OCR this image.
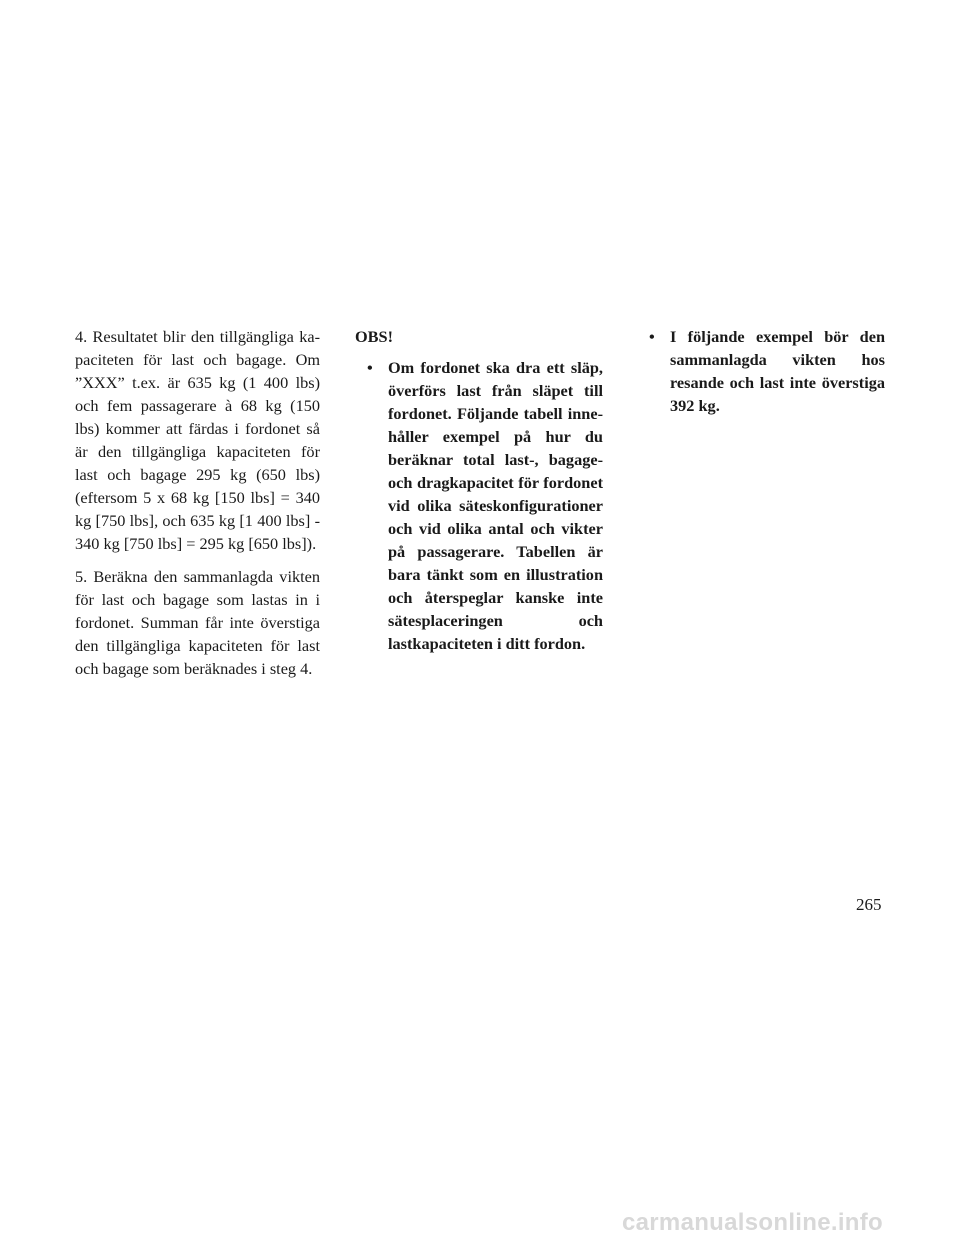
4. Resultatet blir den tillgängliga kapaciteten för last och bagage. Om ”XXX” t.ex. är 635 kg (1 400 lbs) och fem passagerare à 68 kg (150 lbs) kommer att färdas i fordonet så är den tillgängliga kapaciteten för last och bagage 295 kg (650 lbs) (eftersom 5 x 68 kg [150 lbs] = 340 kg [750 lbs], och 635 kg [1 400 lbs] - 340 kg [750 lbs] = 295 kg [650 lbs]).

5. Beräkna den sammanlagda vikten för last och bagage som lastas in i fordonet. Summan får inte överstiga den tillgängliga kapaciteten för last och bagage som beräknades i steg 4.

OBS!

• Om fordonet ska dra ett släp, överförs last från släpet till fordonet. Följande tabell innehåller exempel på hur du beräknar total last-, bagage- och dragkapacitet för fordonet vid olika säteskonfigurationer och vid olika antal och vikter på passagerare. Tabellen är bara tänkt som en illustration och återspeglar kanske inte sätesplaceringen och lastkapaciteten i ditt fordon.

• I följande exempel bör den sammanlagda vikten hos resande och last inte överstiga 392 kg.

265
carmanualsonline.info
